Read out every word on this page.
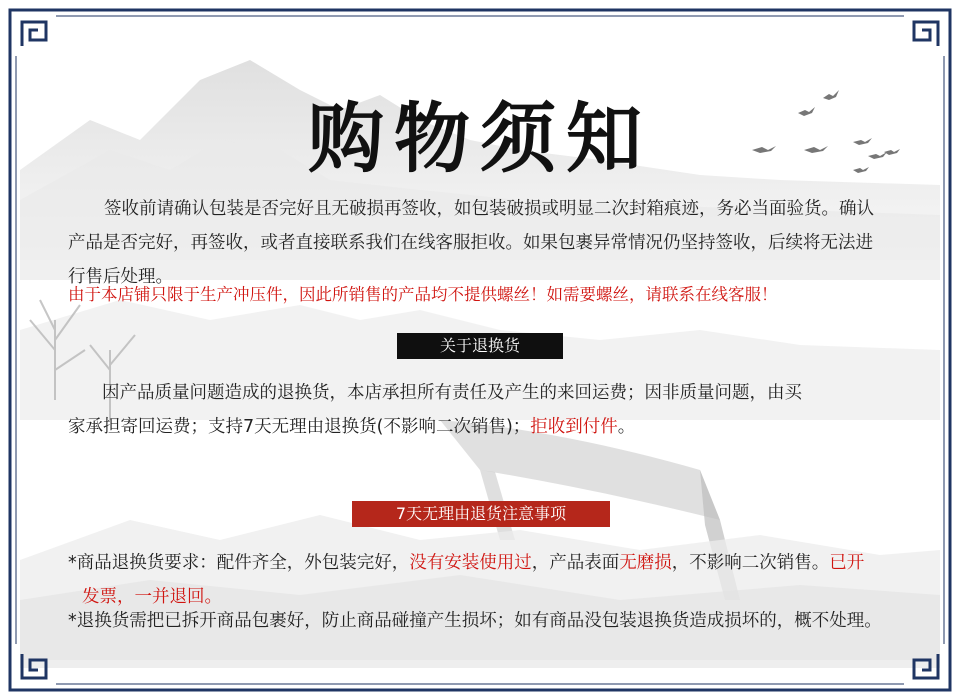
购物须知
签收前请确认包装是否完好且无破损再签收，如包装破损或明显二次封箱痕迹，务必当面验货。确认
产品是否完好，再签收，或者直接联系我们在线客服拒收。如果包裹异常情况仍坚持签收，后续将无法进
行售后处理。
由于本店铺只限于生产冲压件，因此所销售的产品均不提供螺丝！如需要螺丝，请联系在线客服！
关于退换货
因产品质量问题造成的退换货，本店承担所有责任及产生的来回运费；因非质量问题，由买
家承担寄回运费；支持7天无理由退换货(不影响二次销售)；拒收到付件。
7天无理由退货注意事项
*商品退换货要求：配件齐全，外包装完好，没有安装使用过，产品表面无磨损，不影响二次销售。已开
发票，一并退回。
*退换货需把已拆开商品包裹好，防止商品碰撞产生损坏；如有商品没包装退换货造成损坏的，概不处理。
